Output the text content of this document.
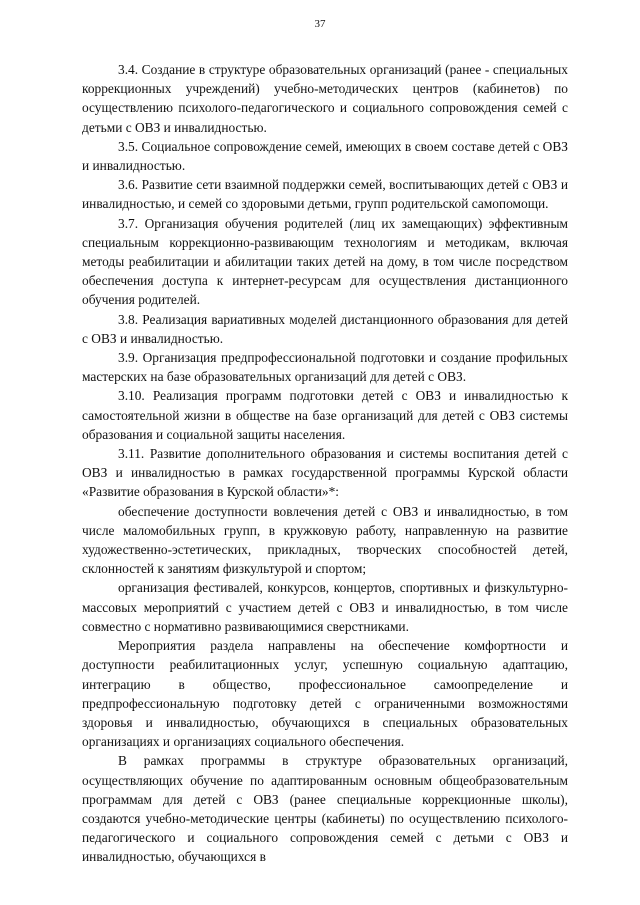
37

3.4. Создание в структуре образовательных организаций (ранее - специальных коррекционных учреждений) учебно-методических центров (кабинетов) по осуществлению психолого-педагогического и социального сопровождения семей с детьми с ОВЗ и инвалидностью.

3.5. Социальное сопровождение семей, имеющих в своем составе детей с ОВЗ и инвалидностью.

3.6. Развитие сети взаимной поддержки семей, воспитывающих детей с ОВЗ и инвалидностью, и семей со здоровыми детьми, групп родительской самопомощи.

3.7. Организация обучения родителей (лиц их замещающих) эффективным специальным коррекционно-развивающим технологиям и методикам, включая методы реабилитации и абилитации таких детей на дому, в том числе посредством обеспечения доступа к интернет-ресурсам для осуществления дистанционного обучения родителей.

3.8. Реализация вариативных моделей дистанционного образования для детей с ОВЗ и инвалидностью.

3.9. Организация предпрофессиональной подготовки и создание профильных мастерских на базе образовательных организаций для детей с ОВЗ.

3.10. Реализация программ подготовки детей с ОВЗ и инвалидностью к самостоятельной жизни в обществе на базе организаций для детей с ОВЗ системы образования и социальной защиты населения.

3.11. Развитие дополнительного образования и системы воспитания детей с ОВЗ и инвалидностью в рамках государственной программы Курской области «Развитие образования в Курской области»*:

обеспечение доступности вовлечения детей с ОВЗ и инвалидностью, в том числе маломобильных групп, в кружковую работу, направленную на развитие художественно-эстетических, прикладных, творческих способностей детей, склонностей к занятиям физкультурой и спортом;

организация фестивалей, конкурсов, концертов, спортивных и физкультурно-массовых мероприятий с участием детей с ОВЗ и инвалидностью, в том числе совместно с нормативно развивающимися сверстниками.

Мероприятия раздела направлены на обеспечение комфортности и доступности реабилитационных услуг, успешную социальную адаптацию, интеграцию в общество, профессиональное самоопределение и предпрофессиональную подготовку детей с ограниченными возможностями здоровья и инвалидностью, обучающихся в специальных образовательных организациях и организациях социального обеспечения.

В рамках программы в структуре образовательных организаций, осуществляющих обучение по адаптированным основным общеобразовательным программам для детей с ОВЗ (ранее специальные коррекционные школы), создаются учебно-методические центры (кабинеты) по осуществлению психолого-педагогического и социального сопровождения семей с детьми с ОВЗ и инвалидностью, обучающихся в
